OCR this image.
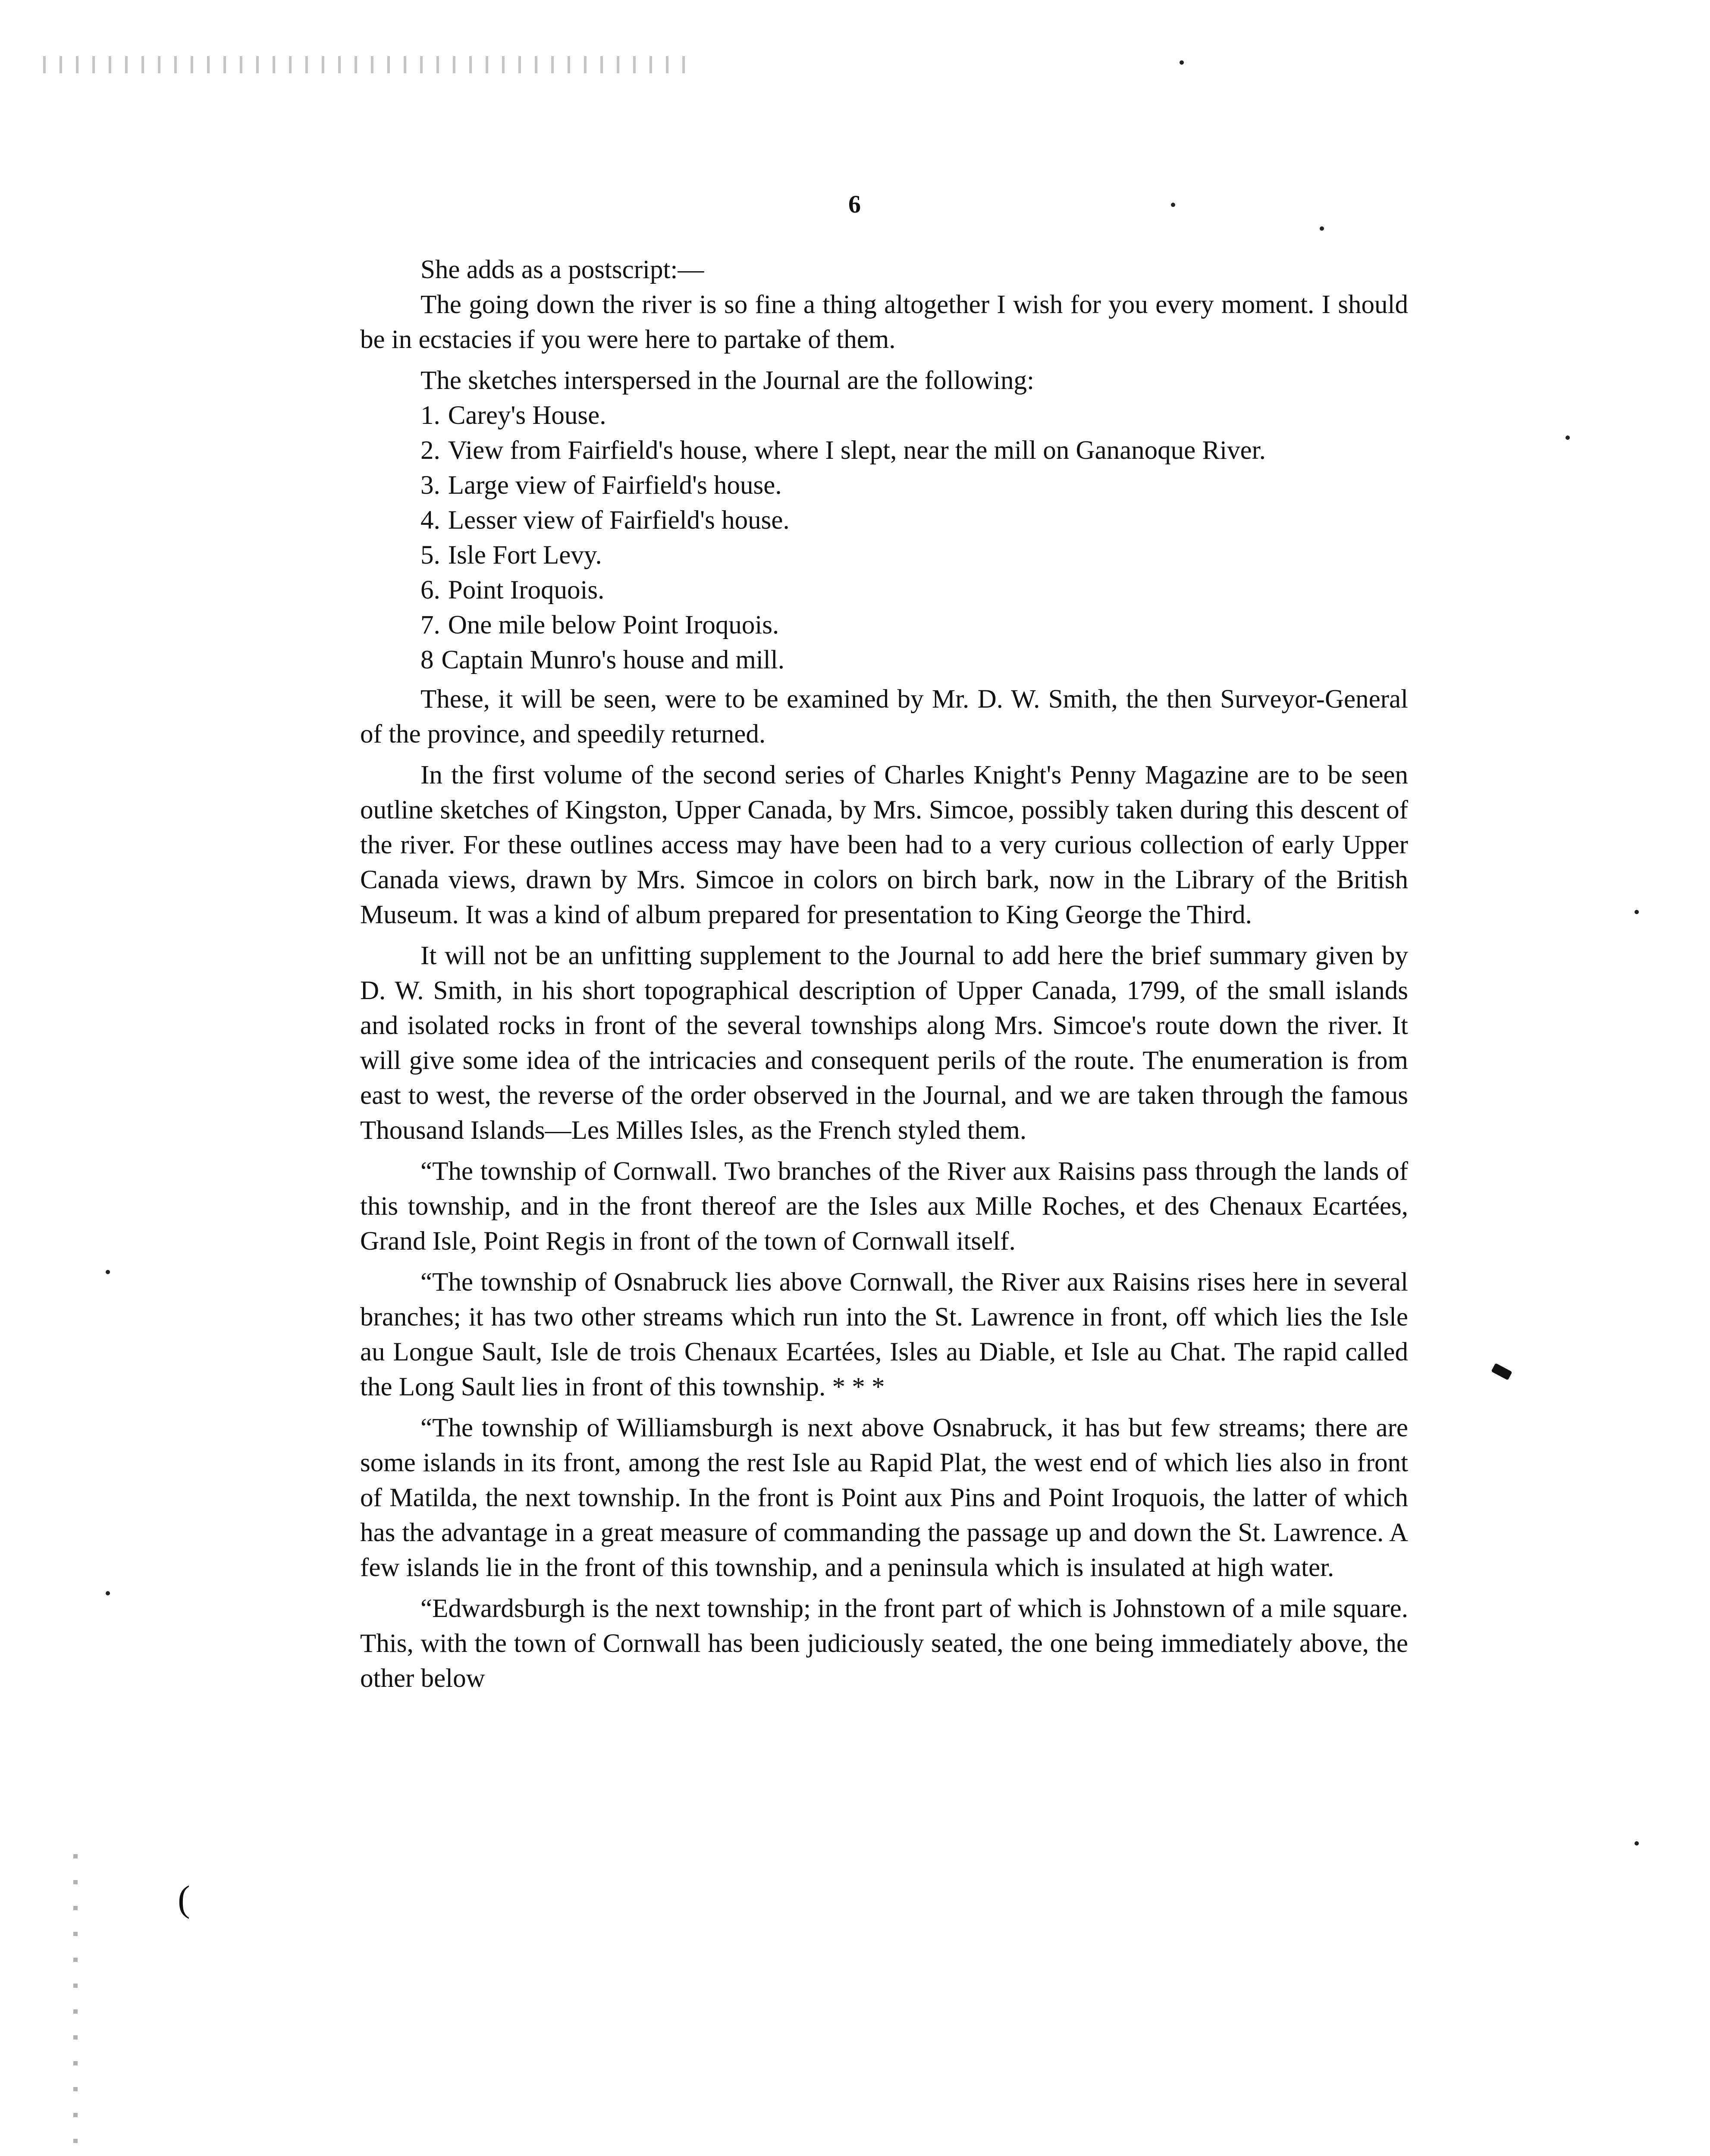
(
6

She adds as a postscript:—

The going down the river is so fine a thing altogether I wish for you every moment. I should be in ecstacies if you were here to partake of them.

The sketches interspersed in the Journal are the following:

1. Carey's House.
2. View from Fairfield's house, where I slept, near the mill on Gananoque River.
3. Large view of Fairfield's house.
4. Lesser view of Fairfield's house.
5. Isle Fort Levy.
6. Point Iroquois.
7. One mile below Point Iroquois.
8 Captain Munro's house and mill.

These, it will be seen, were to be examined by Mr. D. W. Smith, the then Surveyor-General of the province, and speedily returned.

In the first volume of the second series of Charles Knight's Penny Magazine are to be seen outline sketches of Kingston, Upper Canada, by Mrs. Simcoe, possibly taken during this descent of the river. For these outlines access may have been had to a very curious collection of early Upper Canada views, drawn by Mrs. Simcoe in colors on birch bark, now in the Library of the British Museum. It was a kind of album prepared for presentation to King George the Third.

It will not be an unfitting supplement to the Journal to add here the brief summary given by D. W. Smith, in his short topographical description of Upper Canada, 1799, of the small islands and isolated rocks in front of the several townships along Mrs. Simcoe's route down the river. It will give some idea of the intricacies and consequent perils of the route. The enumeration is from east to west, the reverse of the order observed in the Journal, and we are taken through the famous Thousand Islands—Les Milles Isles, as the French styled them.

“The township of Cornwall. Two branches of the River aux Raisins pass through the lands of this township, and in the front thereof are the Isles aux Mille Roches, et des Chenaux Ecartées, Grand Isle, Point Regis in front of the town of Cornwall itself.

“The township of Osnabruck lies above Cornwall, the River aux Raisins rises here in several branches; it has two other streams which run into the St. Lawrence in front, off which lies the Isle au Longue Sault, Isle de trois Chenaux Ecartées, Isles au Diable, et Isle au Chat. The rapid called the Long Sault lies in front of this township. * * *

“The township of Williamsburgh is next above Osnabruck, it has but few streams; there are some islands in its front, among the rest Isle au Rapid Plat, the west end of which lies also in front of Matilda, the next township. In the front is Point aux Pins and Point Iroquois, the latter of which has the advantage in a great measure of commanding the passage up and down the St. Lawrence. A few islands lie in the front of this township, and a peninsula which is insulated at high water.

“Edwardsburgh is the next township; in the front part of which is Johnstown of a mile square. This, with the town of Cornwall has been judiciously seated, the one being immediately above, the other below
